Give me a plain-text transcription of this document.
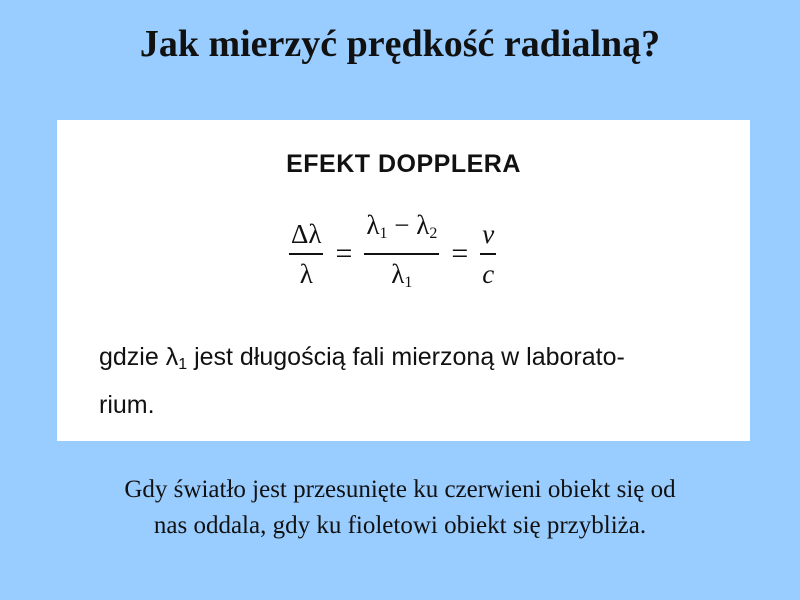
Jak mierzyć prędkość radialną?
EFEKT DOPPLERA
$\frac{\Delta\lambda}{\lambda} = \frac{\lambda_1 - \lambda_2}{\lambda_1} = \frac{v}{c}$
gdzie $\lambda_1$ jest długością fali mierzoną w laborato-
rium.
Gdy światło jest przesunięte ku czerwieni obiekt się od
nas oddala, gdy ku fioletowi obiekt się przybliża.
